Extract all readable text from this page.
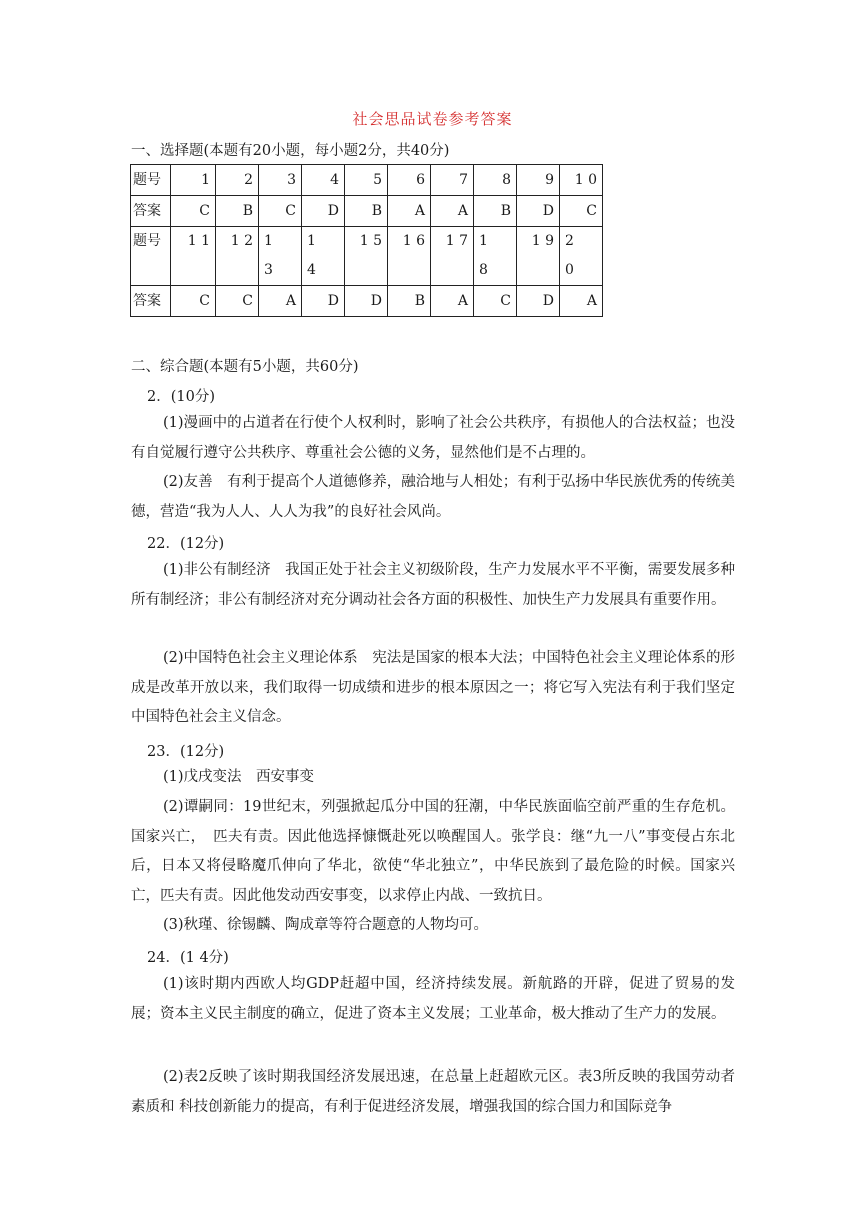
社会思品试卷参考答案
一、选择题(本题有20小题，每小题2分，共40分)
题号	1	2	3	4	5	6	7	8	9	1 0
答案	C	B	C	D	B	A	A	B	D	C
题号	1 1	1 2	1
3	1
4	1 5	1 6	1 7	1
8	1 9	2
0
答案	C	C	A	D	D	B	A	C	D	A
二、综合题(本题有5小题，共60分)
2．(10分)
(1)漫画中的占道者在行使个人权利时，影响了社会公共秩序，有损他人的合法权益；也没有自觉履行遵守公共秩序、尊重社会公德的义务，显然他们是不占理的。
(2)友善　有利于提高个人道德修养，融洽地与人相处；有利于弘扬中华民族优秀的传统美德，营造“我为人人、人人为我”的良好社会风尚。
22．(12分)
(1)非公有制经济　我国正处于社会主义初级阶段，生产力发展水平不平衡，需要发展多种所有制经济；非公有制经济对充分调动社会各方面的积极性、加快生产力发展具有重要作用。
(2)中国特色社会主义理论体系　宪法是国家的根本大法；中国特色社会主义理论体系的形成是改革开放以来，我们取得一切成绩和进步的根本原因之一；将它写入宪法有利于我们坚定中国特色社会主义信念。
23．(12分)
(1)戊戌变法　西安事变
(2)谭嗣同：19世纪末，列强掀起瓜分中国的狂潮，中华民族面临空前严重的生存危机。国家兴亡，　匹夫有责。因此他选择慷慨赴死以唤醒国人。张学良：继“九一八”事变侵占东北后，日本又将侵略魔爪伸向了华北，欲使“华北独立”，中华民族到了最危险的时候。国家兴亡，匹夫有责。因此他发动西安事变，以求停止内战、一致抗日。
(3)秋瑾、徐锡麟、陶成章等符合题意的人物均可。
24．(1 4分)
(1)该时期内西欧人均GDP赶超中国，经济持续发展。新航路的开辟，促进了贸易的发展；资本主义民主制度的确立，促进了资本主义发展；工业革命，极大推动了生产力的发展。
(2)表2反映了该时期我国经济发展迅速，在总量上赶超欧元区。表3所反映的我国劳动者素质和 科技创新能力的提高，有利于促进经济发展，增强我国的综合国力和国际竞争
